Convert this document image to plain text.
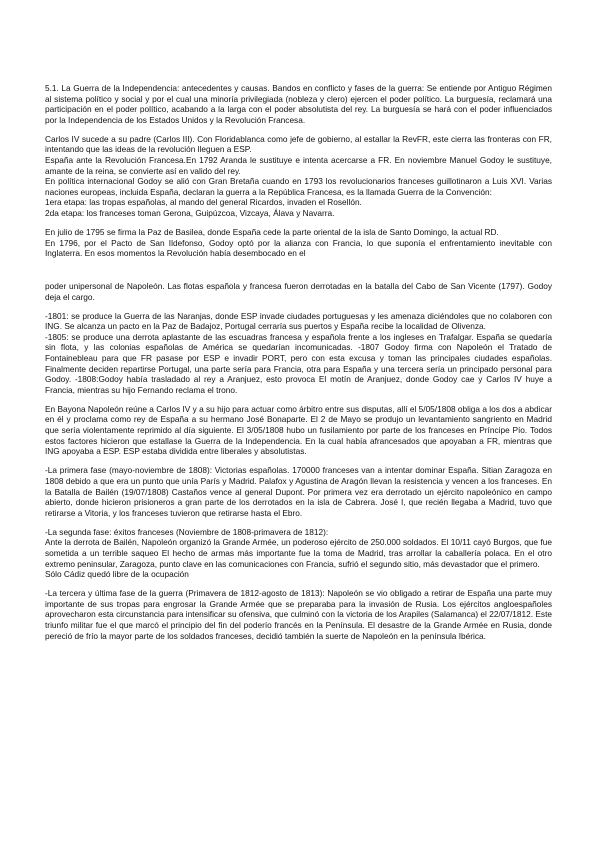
5.1. La Guerra de la Independencia: antecedentes y causas. Bandos en conflicto y fases de la guerra: Se entiende por Antiguo Régimen al sistema político y social y por el cual una minoría privilegiada (nobleza y clero) ejercen el poder político. La burguesía, reclamará una participación en el poder político, acabando a la larga con el poder absolutista del rey. La burguesía se hará con el poder influenciados por la Independencia de los Estados Unidos y la Revolución Francesa.

Carlos IV sucede a su padre (Carlos III). Con Floridablanca como jefe de gobierno, al estallar la RevFR, este cierra las fronteras con FR, intentando que las ideas de la revolución lleguen a ESP.

España ante la Revolución Francesa.En 1792 Aranda le sustituye e intenta acercarse a FR. En noviembre Manuel Godoy le sustituye, amante de la reina, se convierte así en valido del rey.

En política internacional Godoy se alió con Gran Bretaña cuando en 1793 los revolucionarios franceses guillotinaron a Luis XVI. Varias naciones europeas, incluida España, declaran la guerra a la República Francesa, es la llamada Guerra de la Convención:

1era etapa: las tropas españolas, al mando del general Ricardos, invaden el Rosellón.

2da etapa: los franceses toman Gerona, Guipúzcoa, Vizcaya, Álava y Navarra.

En julio de 1795 se firma la Paz de Basilea, donde España cede la parte oriental de la isla de Santo Domingo, la actual RD.

En 1796, por el Pacto de San Ildefonso, Godoy optó por la alianza con Francia, lo que suponía el enfrentamiento inevitable con Inglaterra. En esos momentos la Revolución había desembocado en el

poder unipersonal de Napoleón. Las flotas española y francesa fueron derrotadas en la batalla del Cabo de San Vicente (1797). Godoy deja el cargo.

-1801: se produce la Guerra de las Naranjas, donde ESP invade ciudades portuguesas y les amenaza diciéndoles que no colaboren con ING. Se alcanza un pacto en la Paz de Badajoz, Portugal cerraría sus puertos y España recibe la localidad de Olivenza.

-1805: se produce una derrota aplastante de las escuadras francesa y española frente a los ingleses en Trafalgar. España se quedaría sin flota, y las colonias españolas de América se quedarían incomunicadas. -1807 Godoy firma con Napoleón el Tratado de Fontainebleau para que FR pasase por ESP e invadir PORT, pero con esta excusa y toman las principales ciudades españolas. Finalmente deciden repartirse Portugal, una parte sería para Francia, otra para España y una tercera sería un principado personal para Godoy. -1808:Godoy había trasladado al rey a Aranjuez, esto provoca El motín de Aranjuez, donde Godoy cae y Carlos IV huye a Francia, mientras su hijo Fernando reclama el trono.

En Bayona Napoleón reúne a Carlos IV y a su hijo para actuar como árbitro entre sus disputas, allí el 5/05/1808 obliga a los dos a abdicar en él y proclama como rey de España a su hermano José Bonaparte. El 2 de Mayo se produjo un levantamiento sangriento en Madrid que sería violentamente reprimido al día siguiente. El 3/05/1808 hubo un fusilamiento por parte de los franceses en Príncipe Pío. Todos estos factores hicieron que estallase la Guerra de la Independencia. En la cual había afrancesados que apoyaban a FR, mientras que ING apoyaba a ESP. ESP estaba dividida entre liberales y absolutistas.

-La primera fase (mayo-noviembre de 1808): Victorias españolas. 170000 franceses van a intentar dominar España. Sitian Zaragoza en 1808 debido a que era un punto que unía París y Madrid. Palafox y Agustina de Aragón llevan la resistencia y vencen a los franceses. En la Batalla de Bailén (19/07/1808) Castaños vence al general Dupont. Por primera vez era derrotado un ejército napoleónico en campo abierto, donde hicieron prisioneros a gran parte de los derrotados en la isla de Cabrera. José I, que recién llegaba a Madrid, tuvo que retirarse a Vitoria, y los franceses tuvieron que retirarse hasta el Ebro.

-La segunda fase: éxitos franceses (Noviembre de 1808-primavera de 1812):

Ante la derrota de Bailén, Napoleón organizó la Grande Armée, un poderoso ejército de 250.000 soldados. El 10/11 cayó Burgos, que fue sometida a un terrible saqueo El hecho de armas más importante fue la toma de Madrid, tras arrollar la caballería polaca. En el otro extremo peninsular, Zaragoza, punto clave en las comunicaciones con Francia, sufrió el segundo sitio, más devastador que el primero.

Sólo Cádiz quedó libre de la ocupación

-La tercera y última fase de la guerra (Primavera de 1812-agosto de 1813): Napoleón se vio obligado a retirar de España una parte muy importante de sus tropas para engrosar la Grande Armée que se preparaba para la invasión de Rusia. Los ejércitos angloespañoles aprovecharon esta circunstancia para intensificar su ofensiva, que culminó con la victoria de los Arapiles (Salamanca) el 22/07/1812. Este triunfo militar fue el que marcó el principio del fin del poderío francés en la Península. El desastre de la Grande Armée en Rusia, donde pereció de frío la mayor parte de los soldados franceses, decidió también la suerte de Napoleón en la península Ibérica.
